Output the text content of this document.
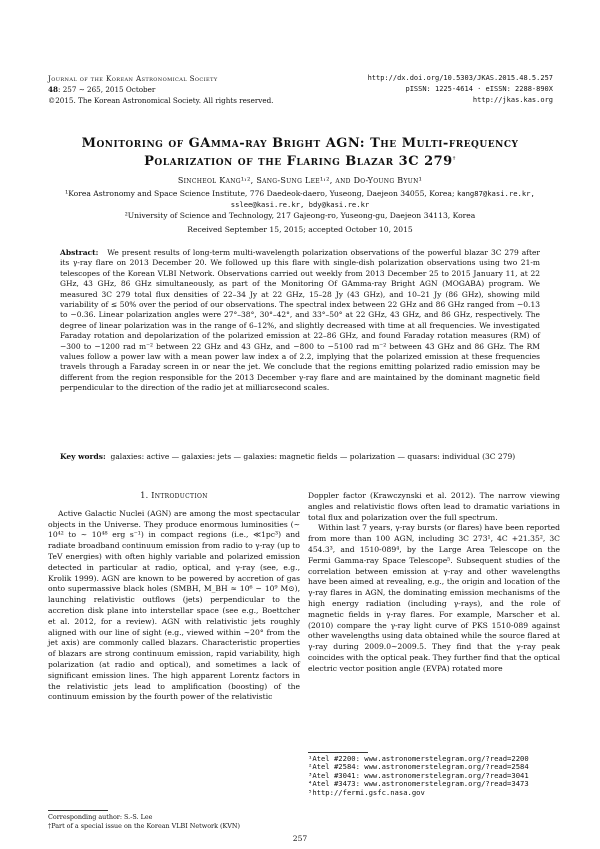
Journal of the Korean Astronomical Society
48: 257 ∼ 265, 2015 October
©2015. The Korean Astronomical Society. All rights reserved.
http://dx.doi.org/10.5303/JKAS.2015.48.5.257
pISSN: 1225-4614 · eISSN: 2288-890X
http://jkas.kas.org
Monitoring of GAmma-ray Bright AGN: The Multi-frequency
Polarization of the Flaring Blazar 3C 279†
Sincheol Kang¹˒², Sang-Sung Lee¹˒², and Do-Young Byun¹
¹Korea Astronomy and Space Science Institute, 776 Daedeok-daero, Yuseong, Daejeon 34055, Korea; kang87@kasi.re.kr,
sslee@kasi.re.kr, bdy@kasi.re.kr
²University of Science and Technology, 217 Gajeong-ro, Yuseong-gu, Daejeon 34113, Korea
Received September 15, 2015; accepted October 10, 2015
Abstract: We present results of long-term multi-wavelength polarization observations of the powerful blazar 3C 279 after its γ-ray flare on 2013 December 20. We followed up this flare with single-dish polarization observations using two 21-m telescopes of the Korean VLBI Network. Observations carried out weekly from 2013 December 25 to 2015 January 11, at 22 GHz, 43 GHz, 86 GHz simultaneously, as part of the Monitoring Of GAmma-ray Bright AGN (MOGABA) program. We measured 3C 279 total flux densities of 22–34 Jy at 22 GHz, 15–28 Jy (43 GHz), and 10–21 Jy (86 GHz), showing mild variability of ≤ 50% over the period of our observations. The spectral index between 22 GHz and 86 GHz ranged from −0.13 to −0.36. Linear polarization angles were 27°–38°, 30°–42°, and 33°–50° at 22 GHz, 43 GHz, and 86 GHz, respectively. The degree of linear polarization was in the range of 6–12%, and slightly decreased with time at all frequencies. We investigated Faraday rotation and depolarization of the polarized emission at 22–86 GHz, and found Faraday rotation measures (RM) of −300 to −1200 rad m⁻² between 22 GHz and 43 GHz, and −800 to −5100 rad m⁻² between 43 GHz and 86 GHz. The RM values follow a power law with a mean power law index a of 2.2, implying that the polarized emission at these frequencies travels through a Faraday screen in or near the jet. We conclude that the regions emitting polarized radio emission may be different from the region responsible for the 2013 December γ-ray flare and are maintained by the dominant magnetic field perpendicular to the direction of the radio jet at milliarcsecond scales.
Key words: galaxies: active — galaxies: jets — galaxies: magnetic fields — polarization — quasars: individual (3C 279)
1. Introduction

Active Galactic Nuclei (AGN) are among the most spectacular objects in the Universe. They produce enormous luminosities (∼ 10⁴² to ∼ 10⁴⁸ erg s⁻¹) in compact regions (i.e., ≪1pc³) and radiate broadband continuum emission from radio to γ-ray (up to TeV energies) with often highly variable and polarized emission detected in particular at radio, optical, and γ-ray (see, e.g., Krolik 1999). AGN are known to be powered by accretion of gas onto supermassive black holes (SMBH, M_BH ≈ 10⁶ − 10⁹ M⊙), launching relativistic outflows (jets) perpendicular to the accretion disk plane into interstellar space (see e.g., Boettcher et al. 2012, for a review). AGN with relativistic jets roughly aligned with our line of sight (e.g., viewed within ∼20° from the jet axis) are commonly called blazars. Characteristic properties of blazars are strong continuum emission, rapid variability, high polarization (at radio and optical), and sometimes a lack of significant emission lines. The high apparent Lorentz factors in the relativistic jets lead to amplification (boosting) of the continuum emission by the fourth power of the relativistic

Doppler factor (Krawczynski et al. 2012). The narrow viewing angles and relativistic flows often lead to dramatic variations in total flux and polarization over the full spectrum.

Within last 7 years, γ-ray bursts (or flares) have been reported from more than 100 AGN, including 3C 273¹, 4C +21.35², 3C 454.3³, and 1510-089⁴, by the Large Area Telescope on the Fermi Gamma-ray Space Telescope⁵. Subsequent studies of the correlation between emission at γ-ray and other wavelengths have been aimed at revealing, e.g., the origin and location of the γ-ray flares in AGN, the dominating emission mechanisms of the high energy radiation (including γ-rays), and the role of magnetic fields in γ-ray flares. For example, Marscher et al. (2010) compare the γ-ray light curve of PKS 1510-089 against other wavelengths using data obtained while the source flared at γ-ray during 2009.0∼2009.5. They find that the γ-ray peak coincides with the optical peak. They further find that the optical electric vector position angle (EVPA) rotated more

¹Atel #2200: www.astronomerstelegram.org/?read=2200
²Atel #2584: www.astronomerstelegram.org/?read=2584
³Atel #3041: www.astronomerstelegram.org/?read=3041
⁴Atel #3473: www.astronomerstelegram.org/?read=3473
⁵http://fermi.gsfc.nasa.gov
Corresponding author: S.-S. Lee
†Part of a special issue on the Korean VLBI Network (KVN)
257
